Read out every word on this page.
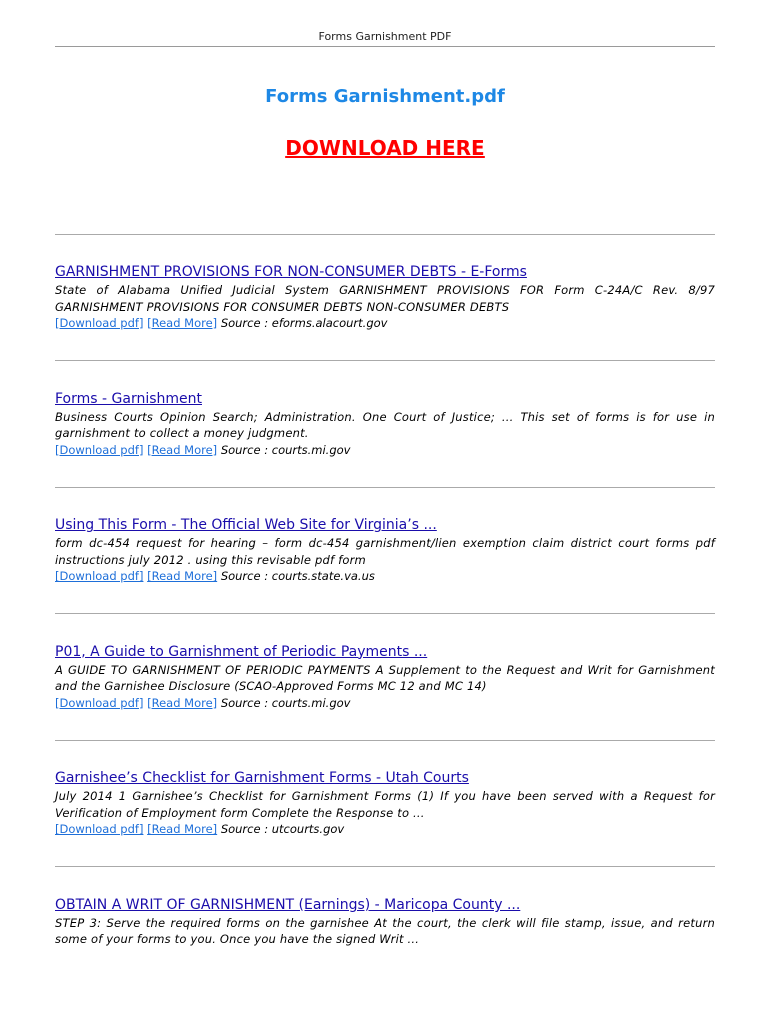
Forms Garnishment PDF
Forms Garnishment.pdf
DOWNLOAD HERE
GARNISHMENT PROVISIONS FOR NON-CONSUMER DEBTS - E-Forms
State of Alabama Unified Judicial System GARNISHMENT PROVISIONS FOR Form C-24A/C Rev. 8/97 GARNISHMENT PROVISIONS FOR CONSUMER DEBTS NON-CONSUMER DEBTS
[Download pdf] [Read More] Source : eforms.alacourt.gov
Forms - Garnishment
Business Courts Opinion Search; Administration. One Court of Justice; ... This set of forms is for use in garnishment to collect a money judgment.
[Download pdf] [Read More] Source : courts.mi.gov
Using This Form - The Official Web Site for Virginia’s ...
form dc-454 request for hearing – form dc-454 garnishment/lien exemption claim district court forms pdf instructions july 2012 . using this revisable pdf form
[Download pdf] [Read More] Source : courts.state.va.us
P01, A Guide to Garnishment of Periodic Payments ...
A GUIDE TO GARNISHMENT OF PERIODIC PAYMENTS A Supplement to the Request and Writ for Garnishment and the Garnishee Disclosure (SCAO-Approved Forms MC 12 and MC 14)
[Download pdf] [Read More] Source : courts.mi.gov
Garnishee’s Checklist for Garnishment Forms - Utah Courts
July 2014 1 Garnishee’s Checklist for Garnishment Forms (1) If you have been served with a Request for Verification of Employment form Complete the Response to ...
[Download pdf] [Read More] Source : utcourts.gov
OBTAIN A WRIT OF GARNISHMENT (Earnings) - Maricopa County ...
STEP 3: Serve the required forms on the garnishee At the court, the clerk will file stamp, issue, and return some of your forms to you. Once you have the signed Writ ...
